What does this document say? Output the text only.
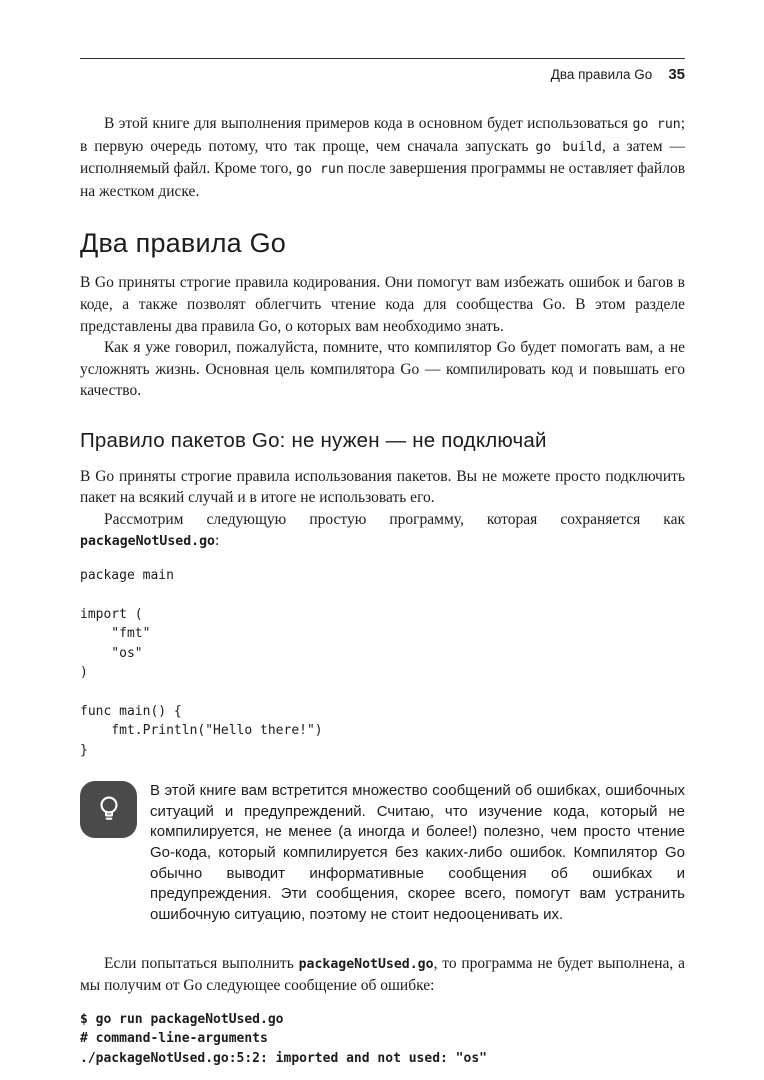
Два правила Go 35

В этой книге для выполнения примеров кода в основном будет использоваться go run; в первую очередь потому, что так проще, чем сначала запускать go build, а затем — исполняемый файл. Кроме того, go run после завершения программы не оставляет файлов на жестком диске.

Два правила Go

В Go приняты строгие правила кодирования. Они помогут вам избежать ошибок и багов в коде, а также позволят облегчить чтение кода для сообщества Go. В этом разделе представлены два правила Go, о которых вам необходимо знать.

Как я уже говорил, пожалуйста, помните, что компилятор Go будет помогать вам, а не усложнять жизнь. Основная цель компилятора Go — компилировать код и повышать его качество.

Правило пакетов Go: не нужен — не подключай

В Go приняты строгие правила использования пакетов. Вы не можете просто подключить пакет на всякий случай и в итоге не использовать его.

Рассмотрим следующую простую программу, которая сохраняется как packageNotUsed.go:

package main
import (
"fmt"
"os"
)
func main() {
fmt.Println("Hello there!")
}
В этой книге вам встретится множество сообщений об ошибках, ошибочных ситуаций и предупреждений. Считаю, что изучение кода, который не компилируется, не менее (а иногда и более!) полезно, чем просто чтение Go-кода, который компилируется без каких-либо ошибок. Компилятор Go обычно выводит информативные сообщения об ошибках и предупреждения. Эти сообщения, скорее всего, помогут вам устранить ошибочную ситуацию, поэтому не стоит недооценивать их.

Если попытаться выполнить packageNotUsed.go, то программа не будет выполнена, а мы получим от Go следующее сообщение об ошибке:

$ go run packageNotUsed.go
# command-line-arguments
./packageNotUsed.go:5:2: imported and not used: "os"
